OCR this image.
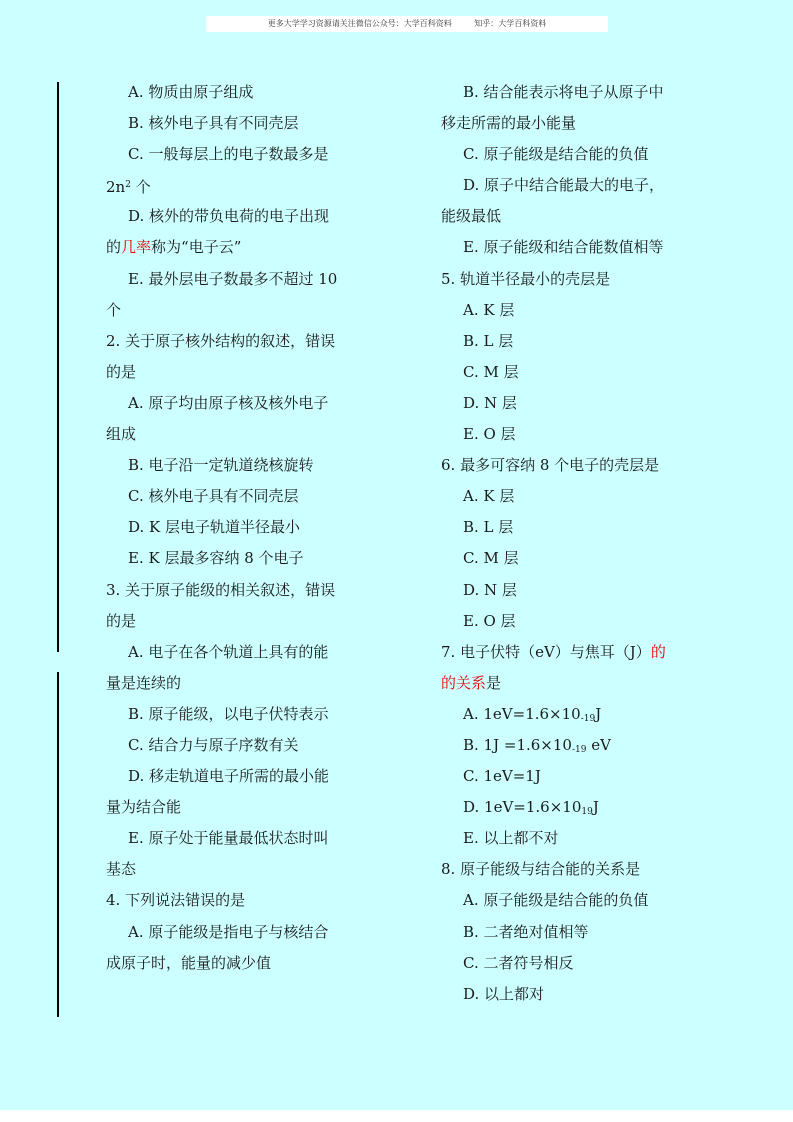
更多大学学习资源请关注微信公众号：大学百科资料	知乎：大学百科资料
A. 物质由原子组成
B. 核外电子具有不同壳层
C. 一般每层上的电子数最多是
$2n^2$ 个
D. 核外的带负电荷的电子出现
的几率称为“电子云”
E. 最外层电子数最多不超过 10
个
2. 关于原子核外结构的叙述，错误
的是
A. 原子均由原子核及核外电子
组成
B. 电子沿一定轨道绕核旋转
C. 核外电子具有不同壳层
D. K 层电子轨道半径最小
E. K 层最多容纳 8 个电子
3. 关于原子能级的相关叙述，错误
的是
A. 电子在各个轨道上具有的能
量是连续的
B. 原子能级，以电子伏特表示
C. 结合力与原子序数有关
D. 移走轨道电子所需的最小能
量为结合能
E. 原子处于能量最低状态时叫
基态
4. 下列说法错误的是
A. 原子能级是指电子与核结合
成原子时，能量的减少值
B. 结合能表示将电子从原子中
移走所需的最小能量
C. 原子能级是结合能的负值
D. 原子中结合能最大的电子，
能级最低
E. 原子能级和结合能数值相等
5. 轨道半径最小的壳层是
A. K 层
B. L 层
C. M 层
D. N 层
E. O 层
6. 最多可容纳 8 个电子的壳层是
A. K 层
B. L 层
C. M 层
D. N 层
E. O 层
7. 电子伏特（eV）与焦耳（J）的
的关系是
A. $1eV=1.6\times 10_{-19}J$
B. $1J =1.6\times 10_{-19}$ eV
C. 1eV=1J
D. $1eV=1.6\times 10_{19}J$
E. 以上都不对
8. 原子能级与结合能的关系是
A. 原子能级是结合能的负值
B. 二者绝对值相等
C. 二者符号相反
D. 以上都对
